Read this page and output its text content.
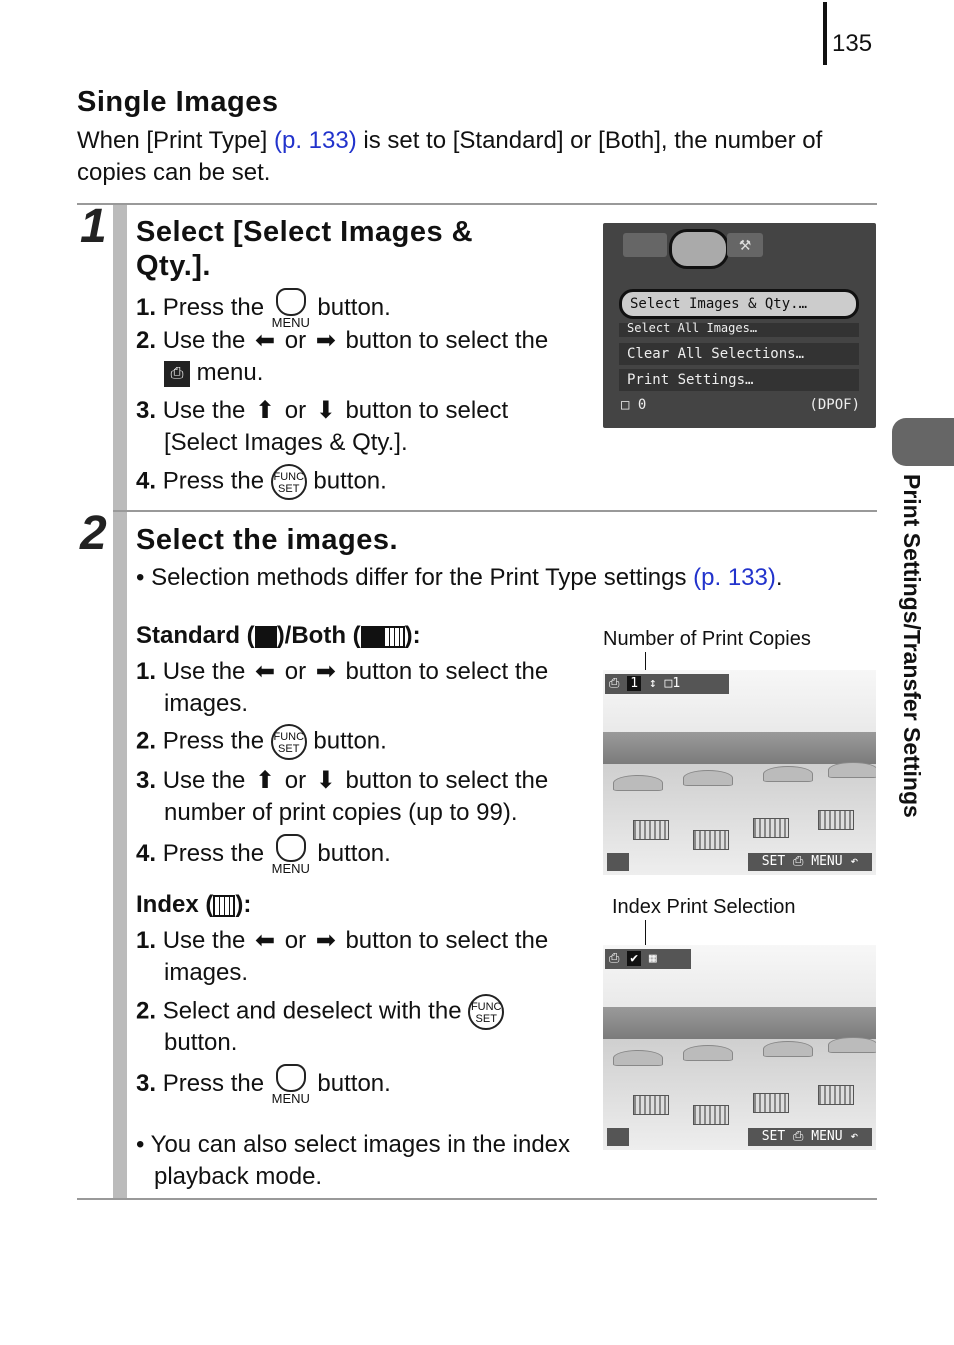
135
Print Settings/Transfer Settings
Single Images
When [Print Type] (p. 133) is set to [Standard] or [Both], the number of copies can be set.
1 Select [Select Images & Qty.].
1. Press the
MENU
button.
2. Use the ⬅ or ➡ button to select the
⎙ menu.
3. Use the ⬆ or ⬇ button to select
[Select Images & Qty.].
4. Press the FUNC
SET button.
⚒
Select Images & Qty.…
Select All Images…
Clear All Selections…
Print Settings…
□ 0	(DPOF)
2 Select the images.
• Selection methods differ for the Print Type settings (p. 133).
Standard ( )/Both ( ):
1. Use the ⬅ or ➡ button to select the
images.
2. Press the FUNC
SET button.
3. Use the ⬆ or ⬇ button to select the
number of print copies (up to 99).
4. Press the
MENU
button.
Number of Print Copies
⎙ 1 ↕ □1
SET ⎙ MENU ↶
Index ( ):
1. Use the ⬅ or ➡ button to select the
images.
2. Select and deselect with the FUNC
SET
button.
3. Press the
MENU
button.
• You can also select images in the index playback mode.
Index Print Selection
⎙ ✔ ▦
SET ⎙ MENU ↶
